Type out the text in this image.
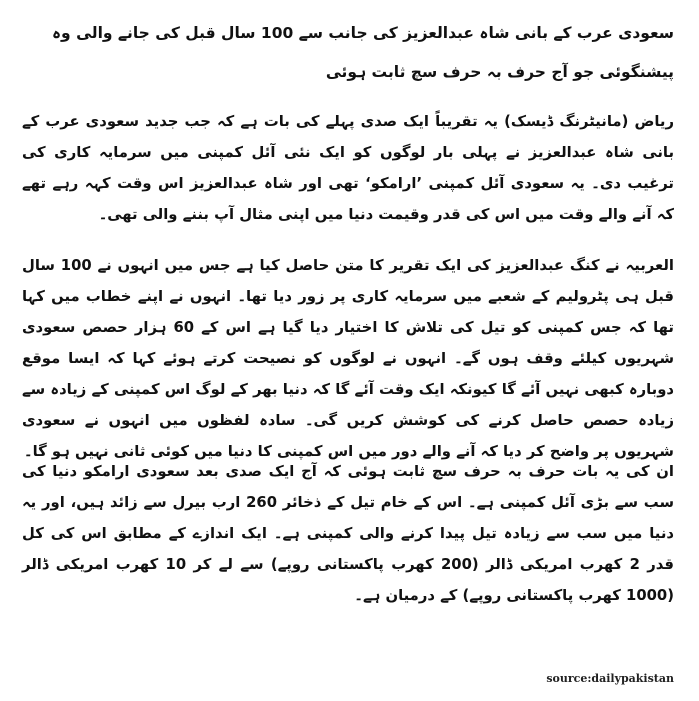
سعودی عرب کے بانی شاہ عبدالعزیز کی جانب سے 100 سال قبل کی جانے والی وہ پیشنگوئی جو آج حرف بہ حرف سچ ثابت ہوئی

ریاض (مانیٹرنگ ڈیسک) یہ تقریباً ایک صدی پہلے کی بات ہے کہ جب جدید سعودی عرب کے بانی شاہ عبدالعزیز نے پہلی بار لوگوں کو ایک نئی آئل کمپنی میں سرمایہ کاری کی ترغیب دی۔ یہ سعودی آئل کمپنی ’ارامکو‘ تھی اور شاہ عبدالعزیز اس وقت کہہ رہے تھے کہ آنے والے وقت میں اس کی قدر وقیمت دنیا میں اپنی مثال آپ بننے والی تھی۔

العربیہ نے کنگ عبدالعزیز کی ایک تقریر کا متن حاصل کیا ہے جس میں انہوں نے 100 سال قبل ہی پٹرولیم کے شعبے میں سرمایہ کاری پر زور دیا تھا۔ انہوں نے اپنے خطاب میں کہا تھا کہ جس کمپنی کو تیل کی تلاش کا اختیار دیا گیا ہے اس کے 60 ہزار حصص سعودی شہریوں کیلئے وقف ہوں گے۔ انہوں نے لوگوں کو نصیحت کرتے ہوئے کہا کہ ایسا موقع دوبارہ کبھی نہیں آئے گا کیونکہ ایک وقت آئے گا کہ دنیا بھر کے لوگ اس کمپنی کے زیادہ سے زیادہ حصص حاصل کرنے کی کوشش کریں گی۔ سادہ لفظوں میں انہوں نے سعودی شہریوں پر واضح کر دیا کہ آنے والے دور میں اس کمپنی کا دنیا میں کوئی ثانی نہیں ہو گا۔

ان کی یہ بات حرف بہ حرف سچ ثابت ہوئی کہ آج ایک صدی بعد سعودی ارامکو دنیا کی سب سے بڑی آئل کمپنی ہے۔ اس کے خام تیل کے ذخائر 260 ارب بیرل سے زائد ہیں، اور یہ دنیا میں سب سے زیادہ تیل پیدا کرنے والی کمپنی ہے۔ ایک اندازے کے مطابق اس کی کل قدر 2 کھرب امریکی ڈالر (200 کھرب پاکستانی روپے) سے لے کر 10 کھرب امریکی ڈالر (1000 کھرب پاکستانی روپے) کے درمیان ہے۔

source:dailypakistan
